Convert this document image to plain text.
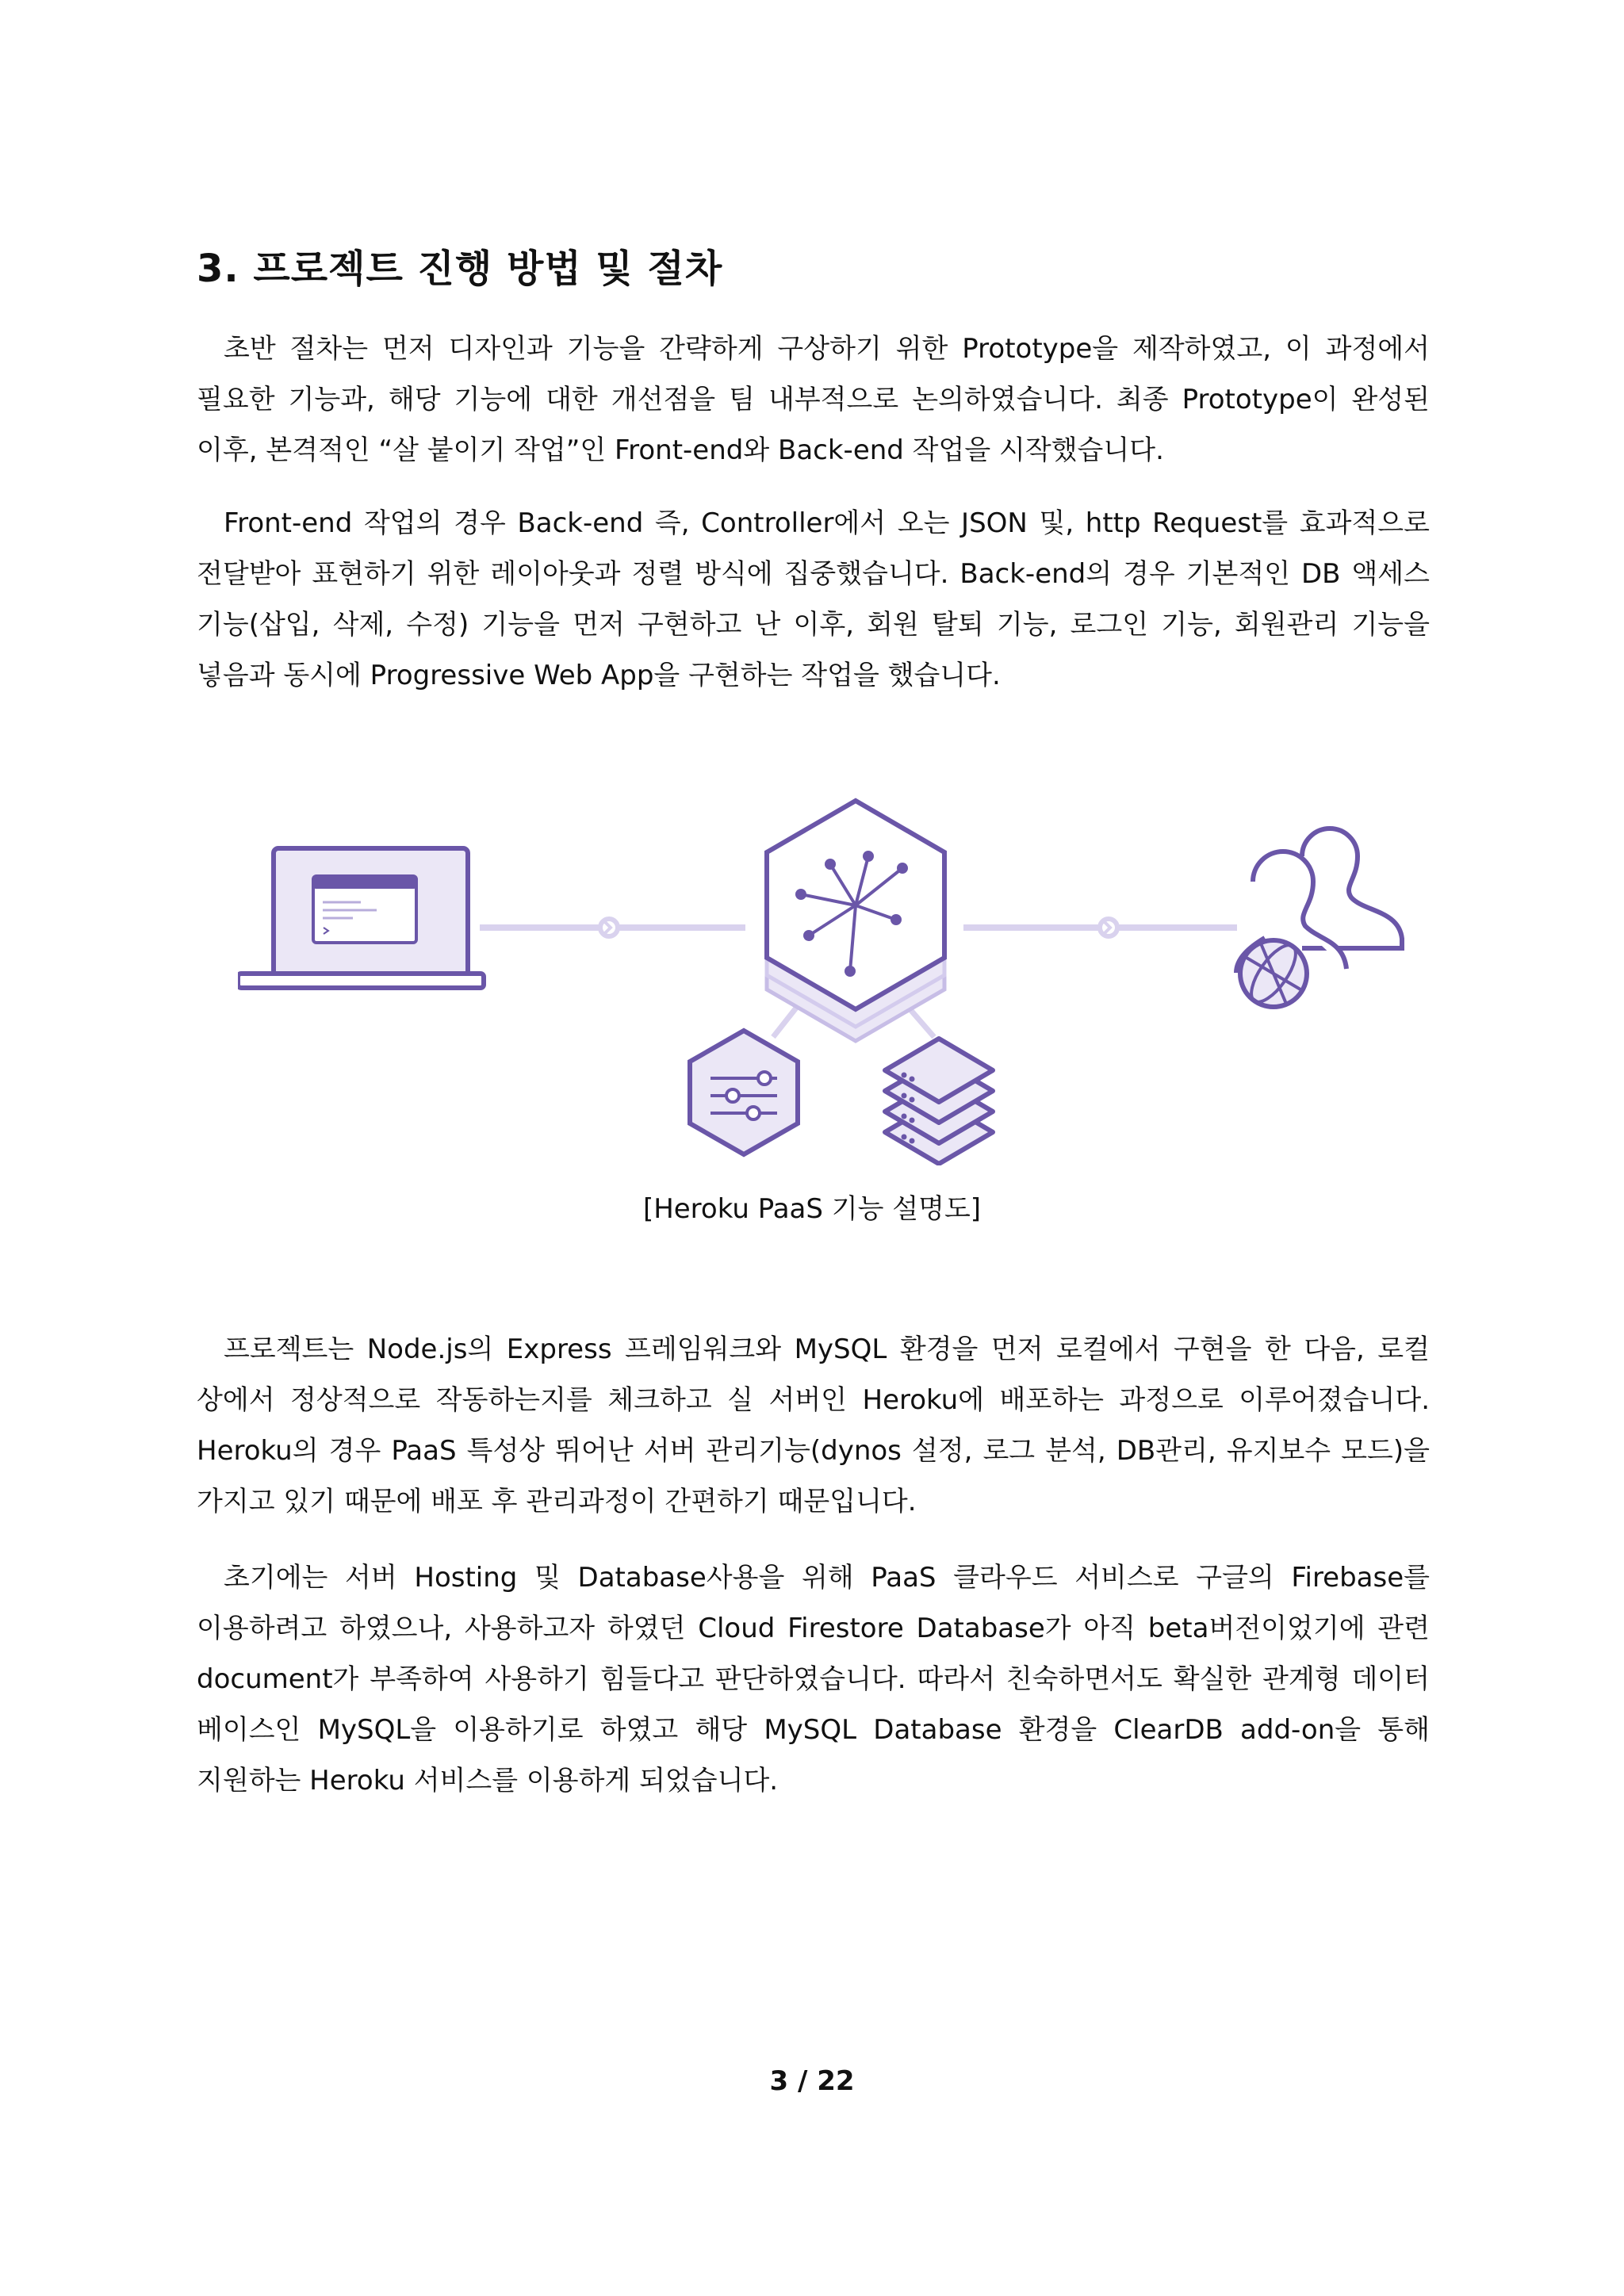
3. 프로젝트 진행 방법 및 절차

초반 절차는 먼저 디자인과 기능을 간략하게 구상하기 위한 Prototype을 제작하였고, 이 과정에서 필요한 기능과, 해당 기능에 대한 개선점을 팀 내부적으로 논의하였습니다. 최종 Prototype이 완성된 이후, 본격적인 “살 붙이기 작업”인 Front-end와 Back-end 작업을 시작했습니다.

Front-end 작업의 경우 Back-end 즉, Controller에서 오는 JSON 및, http Request를 효과적으로 전달받아 표현하기 위한 레이아웃과 정렬 방식에 집중했습니다. Back-end의 경우 기본적인 DB 액세스 기능(삽입, 삭제, 수정) 기능을 먼저 구현하고 난 이후, 회원 탈퇴 기능, 로그인 기능, 회원관리 기능을 넣음과 동시에 Progressive Web App을 구현하는 작업을 했습니다.

[Heroku PaaS 기능 설명도]

프로젝트는 Node.js의 Express 프레임워크와 MySQL 환경을 먼저 로컬에서 구현을 한 다음, 로컬 상에서 정상적으로 작동하는지를 체크하고 실 서버인 Heroku에 배포하는 과정으로 이루어졌습니다. Heroku의 경우 PaaS 특성상 뛰어난 서버 관리기능(dynos 설정, 로그 분석, DB관리, 유지보수 모드)을 가지고 있기 때문에 배포 후 관리과정이 간편하기 때문입니다.

초기에는 서버 Hosting 및 Database사용을 위해 PaaS 클라우드 서비스로 구글의 Firebase를 이용하려고 하였으나, 사용하고자 하였던 Cloud Firestore Database가 아직 beta버전이었기에 관련 document가 부족하여 사용하기 힘들다고 판단하였습니다. 따라서 친숙하면서도 확실한 관계형 데이터 베이스인 MySQL을 이용하기로 하였고 해당 MySQL Database 환경을 ClearDB add-on을 통해 지원하는 Heroku 서비스를 이용하게 되었습니다.

3 / 22
